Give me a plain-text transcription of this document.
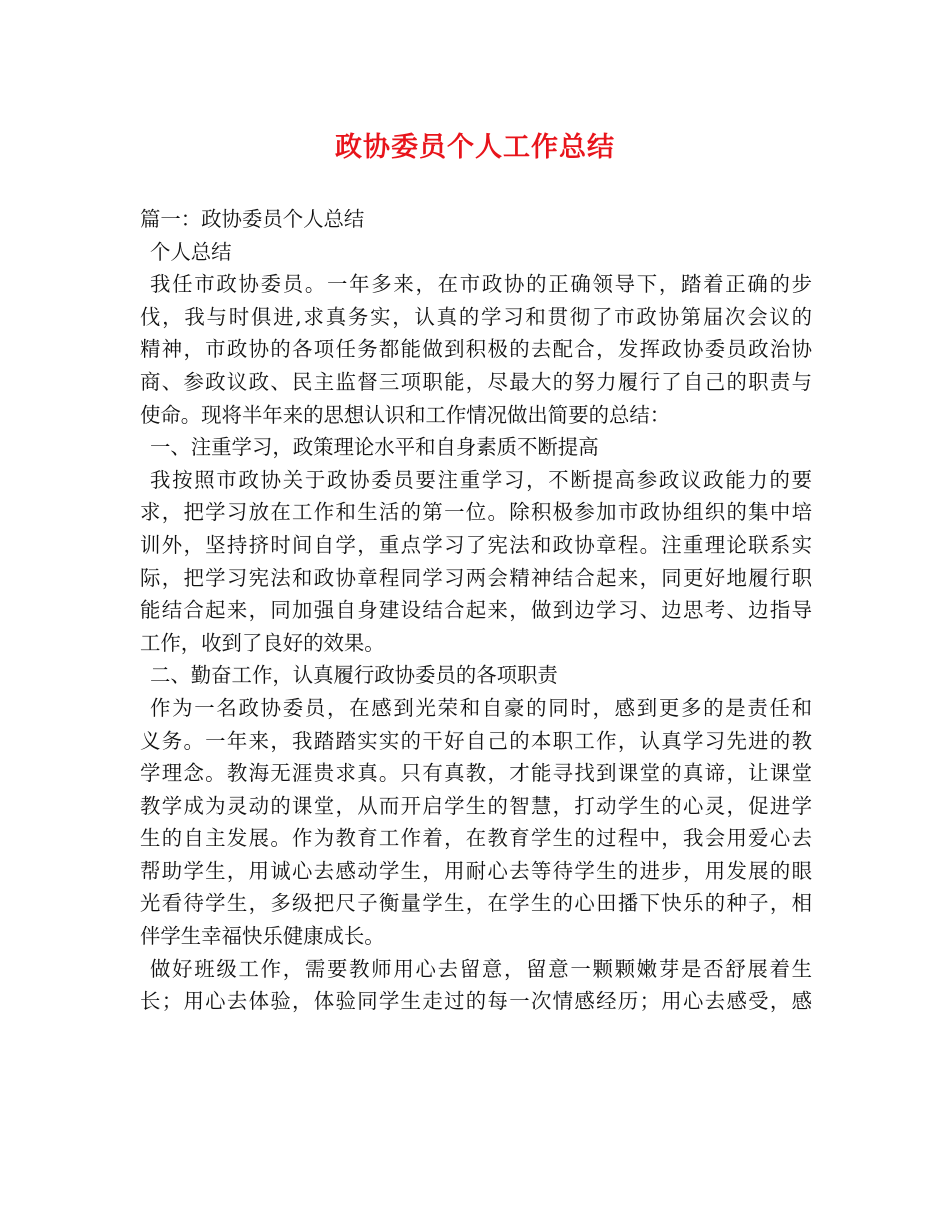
政协委员个人工作总结
篇一：政协委员个人总结
个人总结
我任市政协委员。一年多来，在市政协的正确领导下，踏着正确的步
伐，我与时俱进,求真务实，认真的学习和贯彻了市政协第届次会议的
精神，市政协的各项任务都能做到积极的去配合，发挥政协委员政治协
商、参政议政、民主监督三项职能，尽最大的努力履行了自己的职责与
使命。现将半年来的思想认识和工作情况做出简要的总结：
一、注重学习，政策理论水平和自身素质不断提高
我按照市政协关于政协委员要注重学习，不断提高参政议政能力的要
求，把学习放在工作和生活的第一位。除积极参加市政协组织的集中培
训外，坚持挤时间自学，重点学习了宪法和政协章程。注重理论联系实
际，把学习宪法和政协章程同学习两会精神结合起来，同更好地履行职
能结合起来，同加强自身建设结合起来，做到边学习、边思考、边指导
工作，收到了良好的效果。
二、勤奋工作，认真履行政协委员的各项职责
作为一名政协委员，在感到光荣和自豪的同时，感到更多的是责任和
义务。一年来，我踏踏实实的干好自己的本职工作，认真学习先进的教
学理念。教海无涯贵求真。只有真教，才能寻找到课堂的真谛，让课堂
教学成为灵动的课堂，从而开启学生的智慧，打动学生的心灵，促进学
生的自主发展。作为教育工作着，在教育学生的过程中，我会用爱心去
帮助学生，用诚心去感动学生，用耐心去等待学生的进步，用发展的眼
光看待学生，多级把尺子衡量学生，在学生的心田播下快乐的种子，相
伴学生幸福快乐健康成长。
做好班级工作，需要教师用心去留意，留意一颗颗嫩芽是否舒展着生
长；用心去体验，体验同学生走过的每一次情感经历；用心去感受，感
